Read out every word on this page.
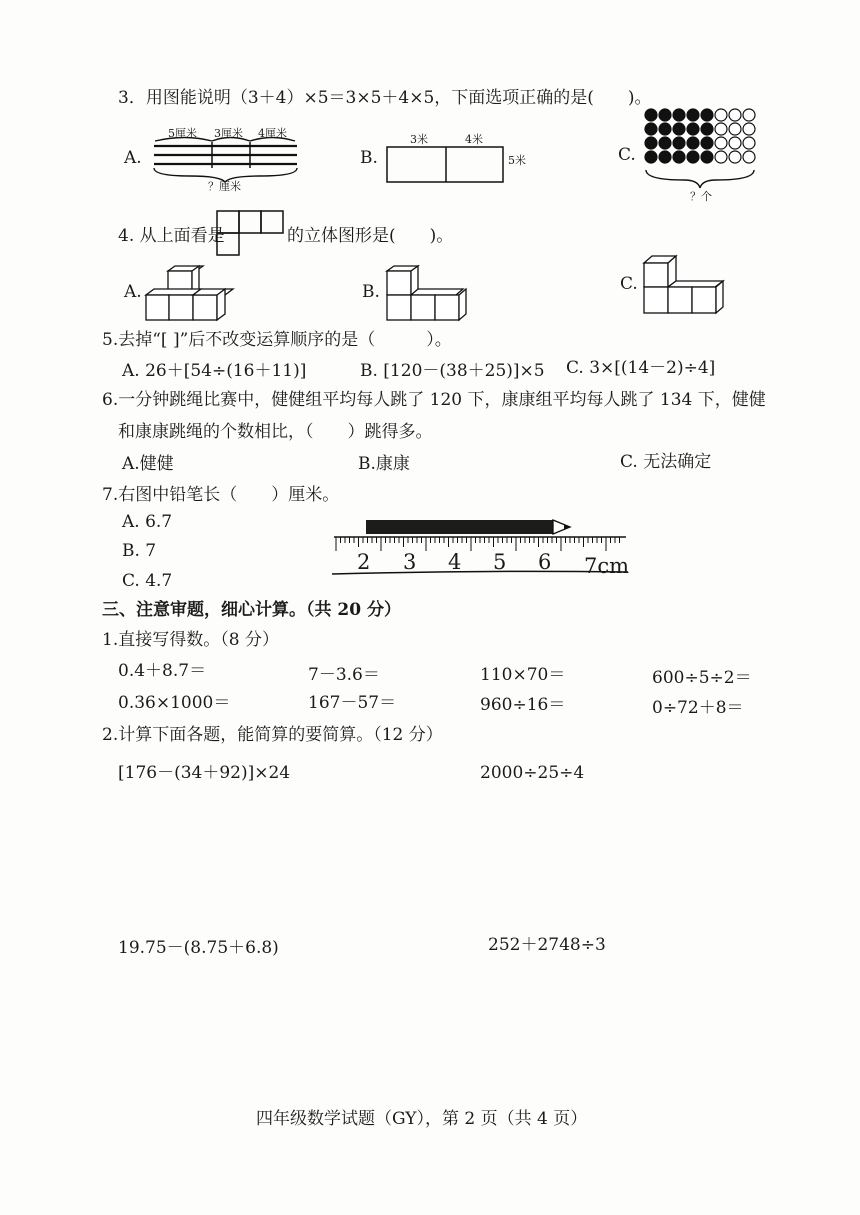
3．用图能说明（3＋4）×5＝3×5＋4×5，下面选项正确的是(　　)。
A.
5厘米 3厘米 4厘米
？厘米
B.
3米	4米
5米	C.
？个
4. 从上面看是	的立体图形是(　　)。
A.	B.	C.
5.去掉“[ ]”后不改变运算顺序的是（　　　）。
A. 26＋[54÷(16＋11)]	B. [120－(38＋25)]×5 C. 3×[(14－2)÷4]
6.一分钟跳绳比赛中，健健组平均每人跳了 120 下，康康组平均每人跳了 134 下，健健
和康康跳绳的个数相比，（　　）跳得多。
A.健健	B.康康	C. 无法确定
7.右图中铅笔长（　　）厘米。
A. 6.7
B. 7
C. 4.7
2 3 4 5 6 7cm
三、注意审题，细心计算。（共 20 分）
1.直接写得数。（8 分）
0.4＋8.7＝	7－3.6＝	110×70＝	600÷5÷2＝
0.36×1000＝	167－57＝	960÷16＝	0÷72＋8＝
2.计算下面各题，能简算的要简算。（12 分）
[176－(34＋92)]×24	2000÷25÷4
19.75－(8.75＋6.8)	252＋2748÷3
四年级数学试题（GY），第 2 页（共 4 页）
